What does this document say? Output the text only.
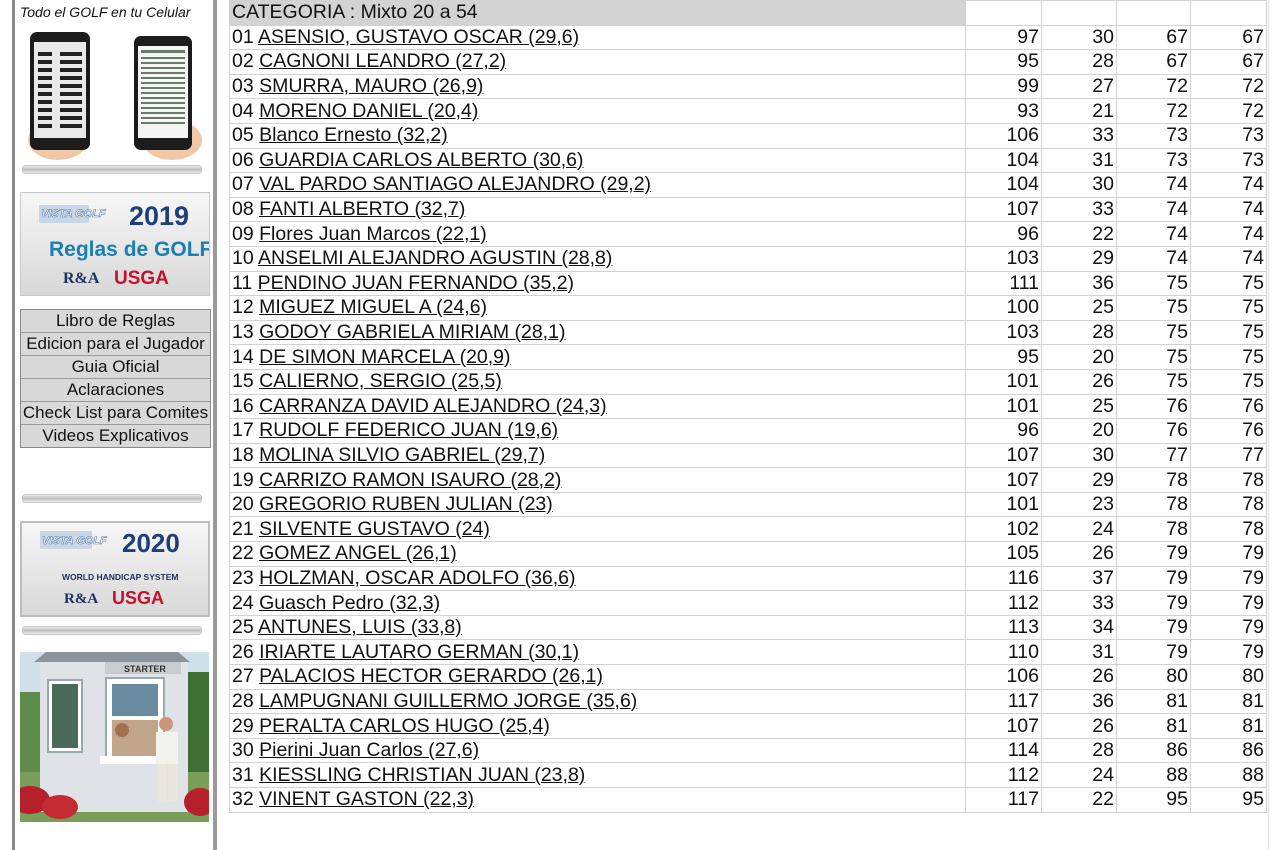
Todo el GOLF en tu Celular
VISTA GOLF 2019
Reglas de GOLF
R&A USGA
Libro de Reglas
Edicion para el Jugador
Guia Oficial
Aclaraciones
Check List para Comites
Videos Explicativos
VISTA GOLF 2020
WORLD HANDICAP SYSTEM
R&A USGA
STARTER
CATEGORIA : Mixto 20 a 54				
01 ASENSIO, GUSTAVO OSCAR (29,6)	97	30	67	67
02 CAGNONI LEANDRO (27,2)	95	28	67	67
03 SMURRA, MAURO (26,9)	99	27	72	72
04 MORENO DANIEL (20,4)	93	21	72	72
05 Blanco Ernesto (32,2)	106	33	73	73
06 GUARDIA CARLOS ALBERTO (30,6)	104	31	73	73
07 VAL PARDO SANTIAGO ALEJANDRO (29,2)	104	30	74	74
08 FANTI ALBERTO (32,7)	107	33	74	74
09 Flores Juan Marcos (22,1)	96	22	74	74
10 ANSELMI ALEJANDRO AGUSTIN (28,8)	103	29	74	74
11 PENDINO JUAN FERNANDO (35,2)	111	36	75	75
12 MIGUEZ MIGUEL A (24,6)	100	25	75	75
13 GODOY GABRIELA MIRIAM (28,1)	103	28	75	75
14 DE SIMON MARCELA (20,9)	95	20	75	75
15 CALIERNO, SERGIO (25,5)	101	26	75	75
16 CARRANZA DAVID ALEJANDRO (24,3)	101	25	76	76
17 RUDOLF FEDERICO JUAN (19,6)	96	20	76	76
18 MOLINA SILVIO GABRIEL (29,7)	107	30	77	77
19 CARRIZO RAMON ISAURO (28,2)	107	29	78	78
20 GREGORIO RUBEN JULIAN (23)	101	23	78	78
21 SILVENTE GUSTAVO (24)	102	24	78	78
22 GOMEZ ANGEL (26,1)	105	26	79	79
23 HOLZMAN, OSCAR ADOLFO (36,6)	116	37	79	79
24 Guasch Pedro (32,3)	112	33	79	79
25 ANTUNES, LUIS (33,8)	113	34	79	79
26 IRIARTE LAUTARO GERMAN (30,1)	110	31	79	79
27 PALACIOS HECTOR GERARDO (26,1)	106	26	80	80
28 LAMPUGNANI GUILLERMO JORGE (35,6)	117	36	81	81
29 PERALTA CARLOS HUGO (25,4)	107	26	81	81
30 Pierini Juan Carlos (27,6)	114	28	86	86
31 KIESSLING CHRISTIAN JUAN (23,8)	112	24	88	88
32 VINENT GASTON (22,3)	117	22	95	95
